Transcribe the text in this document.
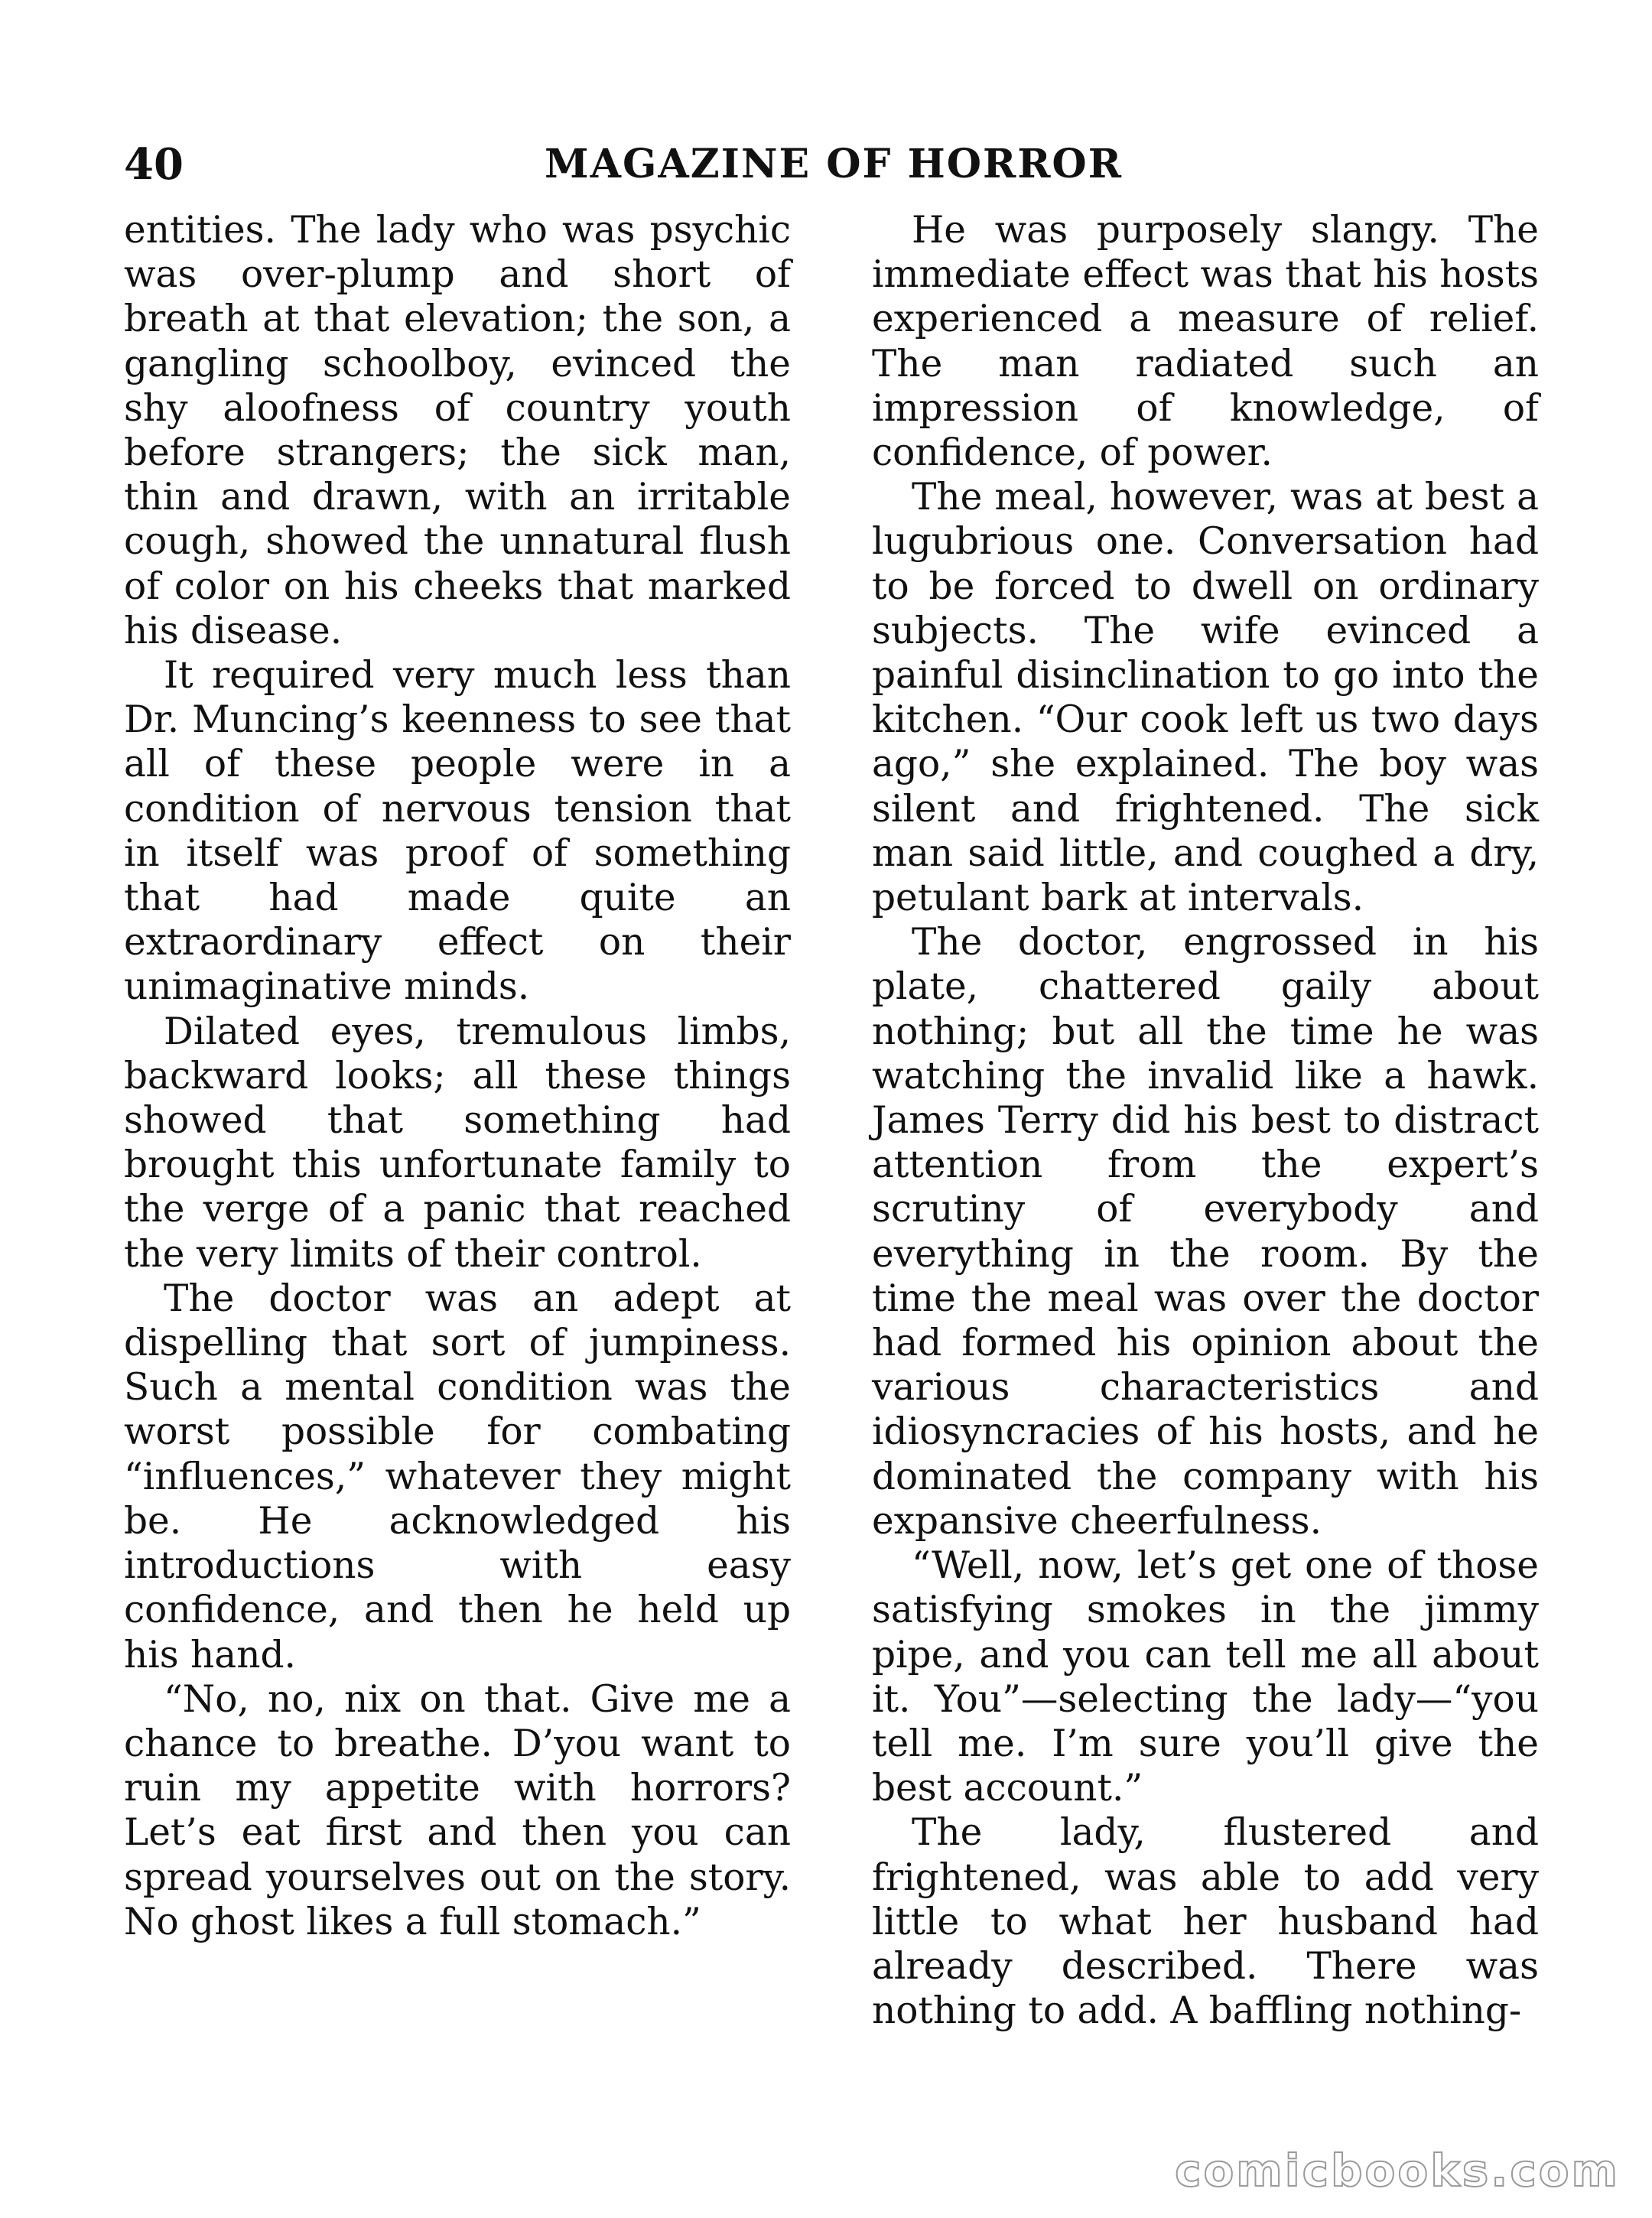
40	MAGAZINE OF HORROR

entities. The lady who was psychic was over-plump and short of breath at that elevation; the son, a gangling schoolboy, evinced the shy aloofness of country youth before strangers; the sick man, thin and drawn, with an irritable cough, showed the unnatural flush of color on his cheeks that marked his disease.

It required very much less than Dr. Muncing’s keenness to see that all of these people were in a condition of nervous tension that in itself was proof of something that had made quite an extraordinary effect on their unimaginative minds.

Dilated eyes, tremulous limbs, backward looks; all these things showed that something had brought this unfortunate family to the verge of a panic that reached the very limits of their control.

The doctor was an adept at dispelling that sort of jumpiness. Such a mental condition was the worst possible for combating “influences,” whatever they might be. He acknowledged his introductions with easy confidence, and then he held up his hand.

“No, no, nix on that. Give me a chance to breathe. D’you want to ruin my appetite with horrors? Let’s eat first and then you can spread yourselves out on the story. No ghost likes a full stomach.”

He was purposely slangy. The immediate effect was that his hosts experienced a measure of relief. The man radiated such an impression of knowledge, of confidence, of power.

The meal, however, was at best a lugubrious one. Conversation had to be forced to dwell on ordinary subjects. The wife evinced a painful disinclination to go into the kitchen. “Our cook left us two days ago,” she explained. The boy was silent and frightened. The sick man said little, and coughed a dry, petulant bark at intervals.

The doctor, engrossed in his plate, chattered gaily about nothing; but all the time he was watching the invalid like a hawk. James Terry did his best to distract attention from the expert’s scrutiny of everybody and everything in the room. By the time the meal was over the doctor had formed his opinion about the various characteristics and idiosyncracies of his hosts, and he dominated the company with his expansive cheerfulness.

“Well, now, let’s get one of those satisfying smokes in the jimmy pipe, and you can tell me all about it. You”—selecting the lady—“you tell me. I’m sure you’ll give the best account.”

The lady, flustered and frightened, was able to add very little to what her husband had already described. There was nothing to add. A baffling nothing-

comicbooks.com
